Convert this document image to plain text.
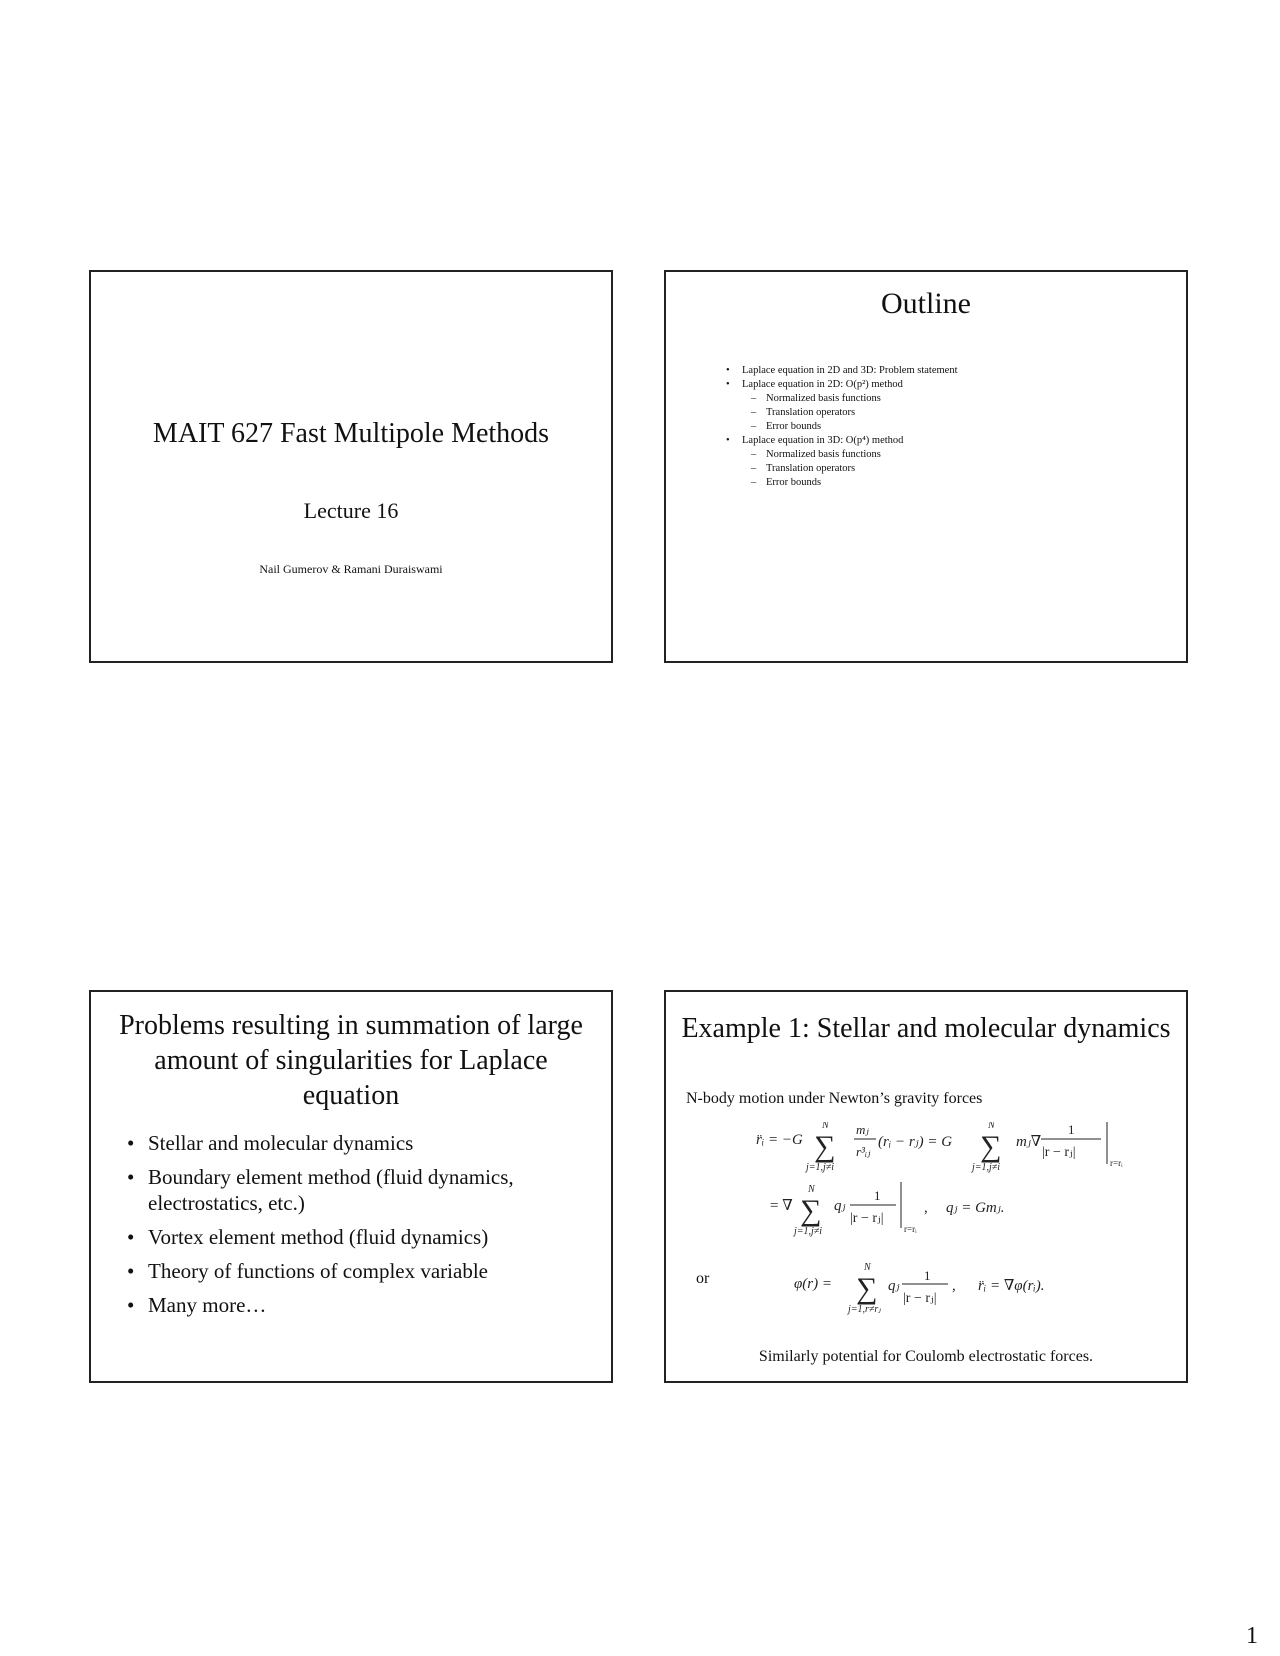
MAIT 627 Fast Multipole Methods
Lecture 16
Nail Gumerov & Ramani Duraiswami
Outline
• Laplace equation in 2D and 3D: Problem statement
• Laplace equation in 2D: O(p²) method
– Normalized basis functions
– Translation operators
– Error bounds
• Laplace equation in 3D: O(p⁴) method
– Normalized basis functions
– Translation operators
– Error bounds
Problems resulting in summation of large amount of singularities for Laplace equation
• Stellar and molecular dynamics
• Boundary element method (fluid dynamics, electrostatics, etc.)
• Vortex element method (fluid dynamics)
• Theory of functions of complex variable
• Many more…
Example 1: Stellar and molecular dynamics
N-body motion under Newton’s gravity forces
r̈ᵢ = −G ∑
N
j=1,j≠i
mⱼ
r³ᵢⱼ
(rᵢ − rⱼ) = G ∑
N
j=1,j≠i
mⱼ∇
1
|r − rⱼ|
r=rᵢ
= ∇ ∑
N
j=1,j≠i
qⱼ
1
|r − rⱼ|
r=rᵢ
, qⱼ = Gmⱼ.
φ(r) = ∑
N
j=1,r≠rⱼ
qⱼ
1
|r − rⱼ|
, r̈ᵢ = ∇φ(rᵢ).
or
Similarly potential for Coulomb electrostatic forces.
1
